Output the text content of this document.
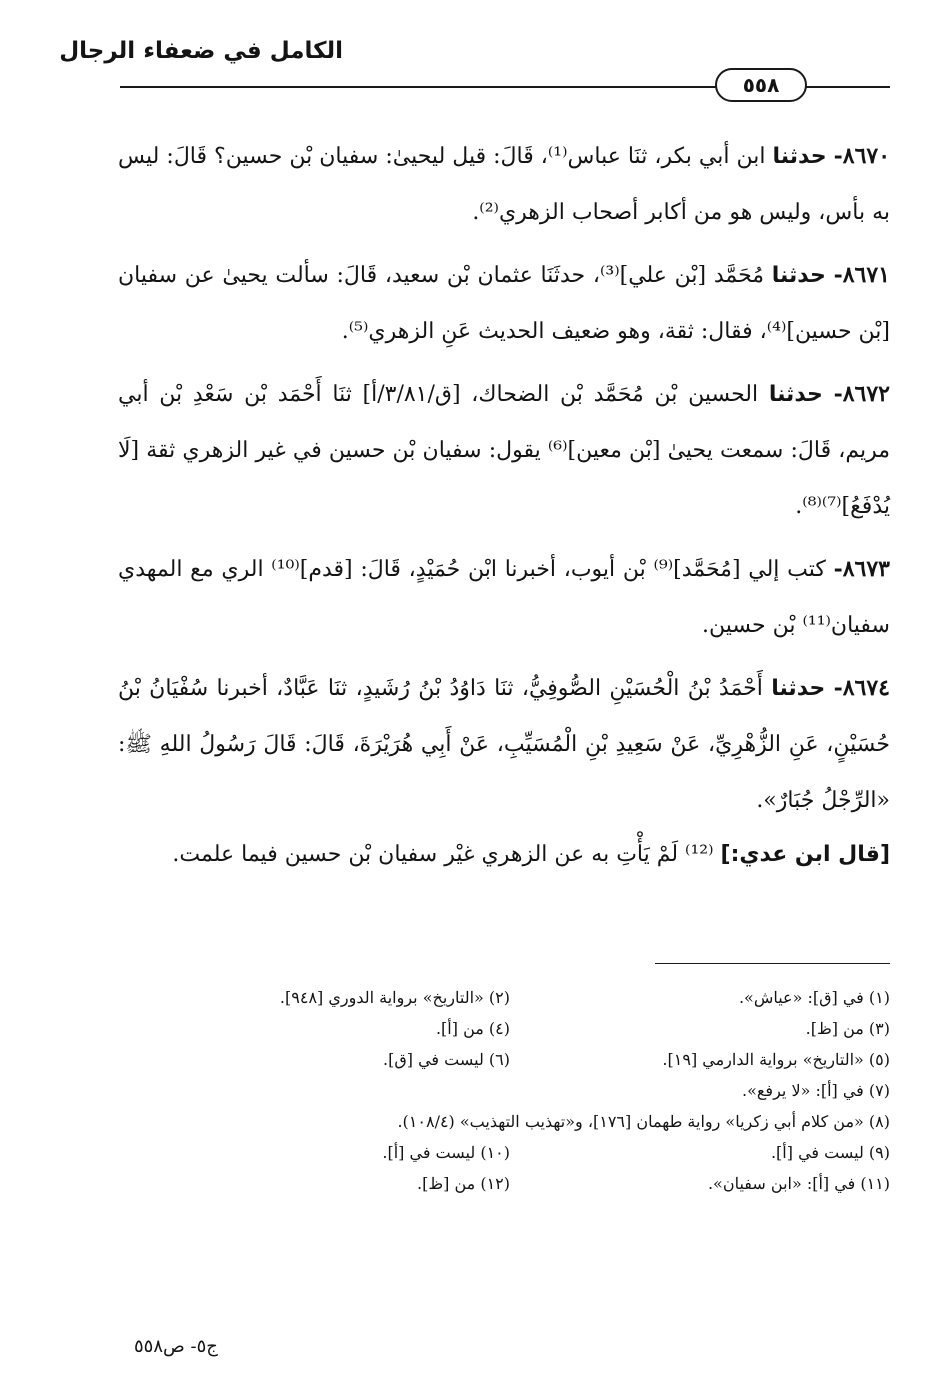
الكامل في ضعفاء الرجال
٥٥٨

٨٦٧٠- حدثنا ابن أبي بكر، ثنَا عباس⁽¹⁾، قَالَ: قيل ليحيىٰ: سفيان بْن حسين؟ قَالَ: ليس به بأس، وليس هو من أكابر أصحاب الزهري⁽²⁾.

٨٦٧١- حدثنا مُحَمَّد [بْن علي]⁽³⁾، حدثَنَا عثمان بْن سعيد، قَالَ: سألت يحيىٰ عن سفيان [بْن حسين]⁽⁴⁾، فقال: ثقة، وهو ضعيف الحديث عَنِ الزهري⁽⁵⁾.

٨٦٧٢- حدثنا الحسين بْن مُحَمَّد بْن الضحاك، [ق/٣/٨١/أ] ثنَا أَحْمَد بْن سَعْدِ بْن أبي مريم، قَالَ: سمعت يحيىٰ [بْن معين]⁽⁶⁾ يقول: سفيان بْن حسين في غير الزهري ثقة [لَا يُدْفَعُ]⁽⁷⁾⁽⁸⁾.

٨٦٧٣- كتب إلي [مُحَمَّد]⁽⁹⁾ بْن أيوب، أخبرنا ابْن حُمَيْدٍ، قَالَ: [قدم]⁽¹⁰⁾ الري مع المهدي سفيان⁽¹¹⁾ بْن حسين.

٨٦٧٤- حدثنا أَحْمَدُ بْنُ الْحُسَيْنِ الصُّوفِيُّ، ثنَا دَاوُدُ بْنُ رُشَيدٍ، ثنَا عَبَّادٌ، أخبرنا سُفْيَانُ بْنُ حُسَيْنٍ، عَنِ الزُّهْرِيِّ، عَنْ سَعِيدِ بْنِ الْمُسَيِّبِ، عَنْ أَبِي هُرَيْرَةَ، قَالَ: قَالَ رَسُولُ اللهِ ﷺ: «الرِّجْلُ جُبَارٌ».

[قال ابن عدي:] ⁽¹²⁾ لَمْ يَأْتِ به عن الزهري غيْر سفيان بْن حسين فيما علمت.

(١) في [ق]: «عياش».
(٢) «التاريخ» برواية الدوري [٩٤٨].
(٣) من [ظ].
(٤) من [أ].
(٥) «التاريخ» برواية الدارمي [١٩].
(٦) ليست في [ق].
(٧) في [أ]: «لا يرفع».
(٨) «من كلام أبي زكريا» رواية طهمان [١٧٦]، و«تهذيب التهذيب» (١٠٨/٤).
(٩) ليست في [أ].
(١٠) ليست في [أ].
(١١) في [أ]: «ابن سفيان».
(١٢) من [ظ].
ج٥- ص٥٥٨
